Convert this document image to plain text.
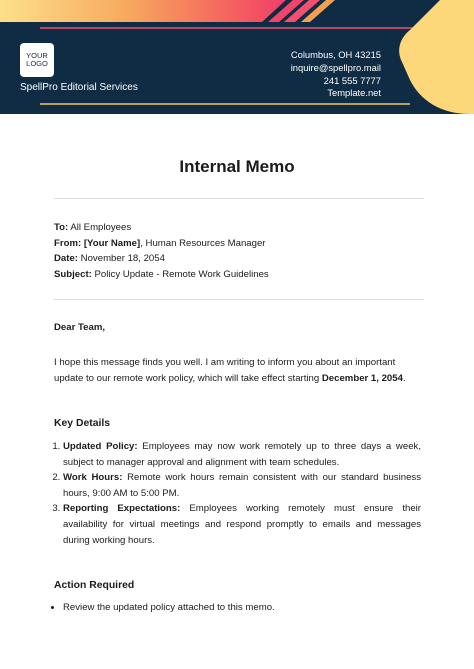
YOUR
LOGO
SpellPro Editorial Services
Columbus, OH 43215
inquire@spellpro.mail
241 555 7777
Template.net
Internal Memo
To: All Employees
From: [Your Name], Human Resources Manager
Date: November 18, 2054
Subject: Policy Update - Remote Work Guidelines
Dear Team,
I hope this message finds you well. I am writing to inform you about an important update to our remote work policy, which will take effect starting December 1, 2054.
Key Details
1. Updated Policy: Employees may now work remotely up to three days a week, subject to manager approval and alignment with team schedules.
2. Work Hours: Remote work hours remain consistent with our standard business hours, 9:00 AM to 5:00 PM.
3. Reporting Expectations: Employees working remotely must ensure their availability for virtual meetings and respond promptly to emails and messages during working hours.
Action Required
• Review the updated policy attached to this memo.
